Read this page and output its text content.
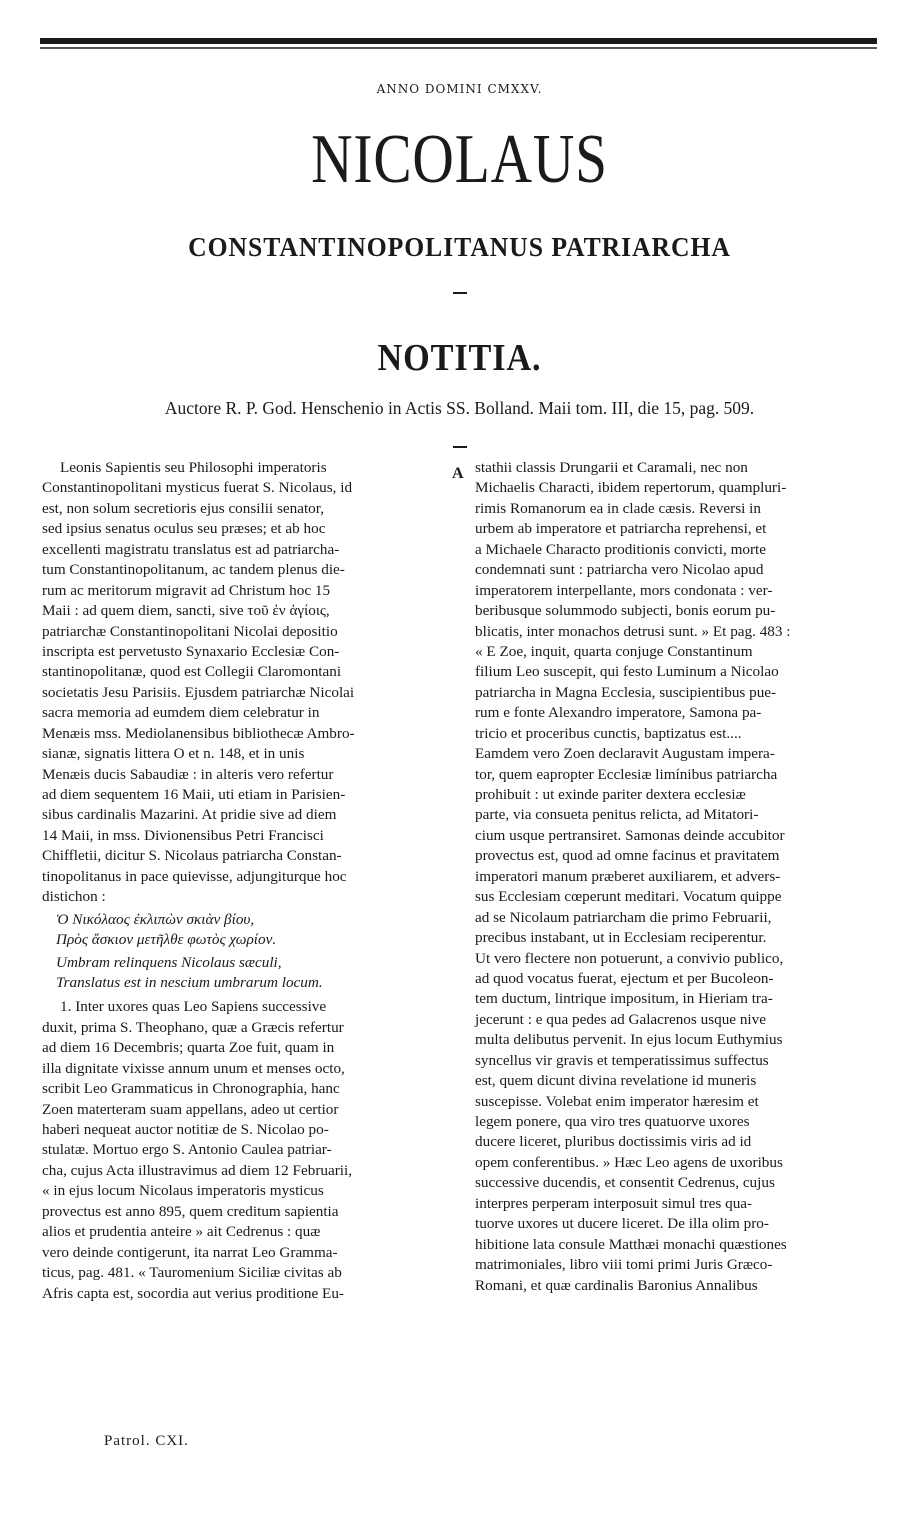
ANNO DOMINI CMXXV.
NICOLAUS
CONSTANTINOPOLITANUS PATRIARCHA
NOTITIA.
Auctore R. P. God. Henschenio in Actis SS. Bolland. Maii tom. III, die 15, pag. 509.
A
Leonis Sapientis seu Philosophi imperatoris
Constantinopolitani mysticus fuerat S. Nicolaus, id
est, non solum secretioris ejus consilii senator,
sed ipsius senatus oculus seu præses; et ab hoc
excellenti magistratu translatus est ad patriarcha-
tum Constantinopolitanum, ac tandem plenus die-
rum ac meritorum migravit ad Christum hoc 15
Maii : ad quem diem, sancti, sive τοῦ ἐν ἁγίοις,
patriarchæ Constantinopolitani Nicolai depositio
inscripta est pervetusto Synaxario Ecclesiæ Con-
stantinopolitanæ, quod est Collegii Claromontani
societatis Jesu Parisiis. Ejusdem patriarchæ Nicolai
sacra memoria ad eumdem diem celebratur in
Menæis mss. Mediolanensibus bibliothecæ Ambro-
sianæ, signatis littera O et n. 148, et in unis
Menæis ducis Sabaudiæ : in alteris vero refertur
ad diem sequentem 16 Maii, uti etiam in Parisien-
sibus cardinalis Mazarini. At pridie sive ad diem
14 Maii, in mss. Divionensibus Petri Francisci
Chiffletii, dicitur S. Nicolaus patriarcha Constan-
tinopolitanus in pace quievisse, adjungiturque hoc
distichon :
Ὁ Νικόλαος ἐκλιπὼν σκιὰν βίου,
Πρὸς ἄσκιον μετῆλθε φωτὸς χωρίον.
Umbram relinquens Nicolaus sæculi,
Translatus est in nescium umbrarum locum.
1. Inter uxores quas Leo Sapiens successive
duxit, prima S. Theophano, quæ a Græcis refertur
ad diem 16 Decembris; quarta Zoe fuit, quam in
illa dignitate vixisse annum unum et menses octo,
scribit Leo Grammaticus in Chronographia, hanc
Zoen materteram suam appellans, adeo ut certior
haberi nequeat auctor notitiæ de S. Nicolao po-
stulatæ. Mortuo ergo S. Antonio Caulea patriar-
cha, cujus Acta illustravimus ad diem 12 Februarii,
« in ejus locum Nicolaus imperatoris mysticus
provectus est anno 895, quem creditum sapientia
alios et prudentia anteire » ait Cedrenus : quæ
vero deinde contigerunt, ita narrat Leo Gramma-
ticus, pag. 481. « Tauromenium Siciliæ civitas ab
Afris capta est, socordia aut verius proditione Eu-
stathii classis Drungarii et Caramali, nec non
Michaelis Characti, ibidem repertorum, quampluri-
rimis Romanorum ea in clade cæsis. Reversi in
urbem ab imperatore et patriarcha reprehensi, et
a Michaele Characto proditionis convicti, morte
condemnati sunt : patriarcha vero Nicolao apud
imperatorem interpellante, mors condonata : ver-
beribusque solummodo subjecti, bonis eorum pu-
blicatis, inter monachos detrusi sunt. » Et pag. 483 :
« E Zoe, inquit, quarta conjuge Constantinum
filium Leo suscepit, qui festo Luminum a Nicolao
patriarcha in Magna Ecclesia, suscipientibus pue-
rum e fonte Alexandro imperatore, Samona pa-
tricio et proceribus cunctis, baptizatus est....
Eamdem vero Zoen declaravit Augustam impera-
tor, quem eapropter Ecclesiæ limínibus patriarcha
prohibuit : ut exinde pariter dextera ecclesiæ
parte, via consueta penitus relicta, ad Mitatori-
cium usque pertransiret. Samonas deinde accubitor
provectus est, quod ad omne facinus et pravitatem
imperatori manum præberet auxiliarem, et advers-
sus Ecclesiam cœperunt meditari. Vocatum quippe
ad se Nicolaum patriarcham die primo Februarii,
precibus instabant, ut in Ecclesiam reciperentur.
Ut vero flectere non potuerunt, a convivio publico,
ad quod vocatus fuerat, ejectum et per Bucoleon-
tem ductum, lintrique impositum, in Hieriam tra-
jecerunt : e qua pedes ad Galacrenos usque nive
multa delibutus pervenit. In ejus locum Euthymius
syncellus vir gravis et temperatissimus suffectus
est, quem dicunt divina revelatione id muneris
suscepisse. Volebat enim imperator hæresim et
legem ponere, qua viro tres quatuorve uxores
ducere liceret, pluribus doctissimis viris ad id
opem conferentibus. » Hæc Leo agens de uxoribus
successive ducendis, et consentit Cedrenus, cujus
interpres perperam interposuit simul tres qua-
tuorve uxores ut ducere liceret. De illa olim pro-
hibitione lata consule Matthæi monachi quæstiones
matrimoniales, libro viii tomi primi Juris Græco-
Romani, et quæ cardinalis Baronius Annalibus
Patrol. CXI.
